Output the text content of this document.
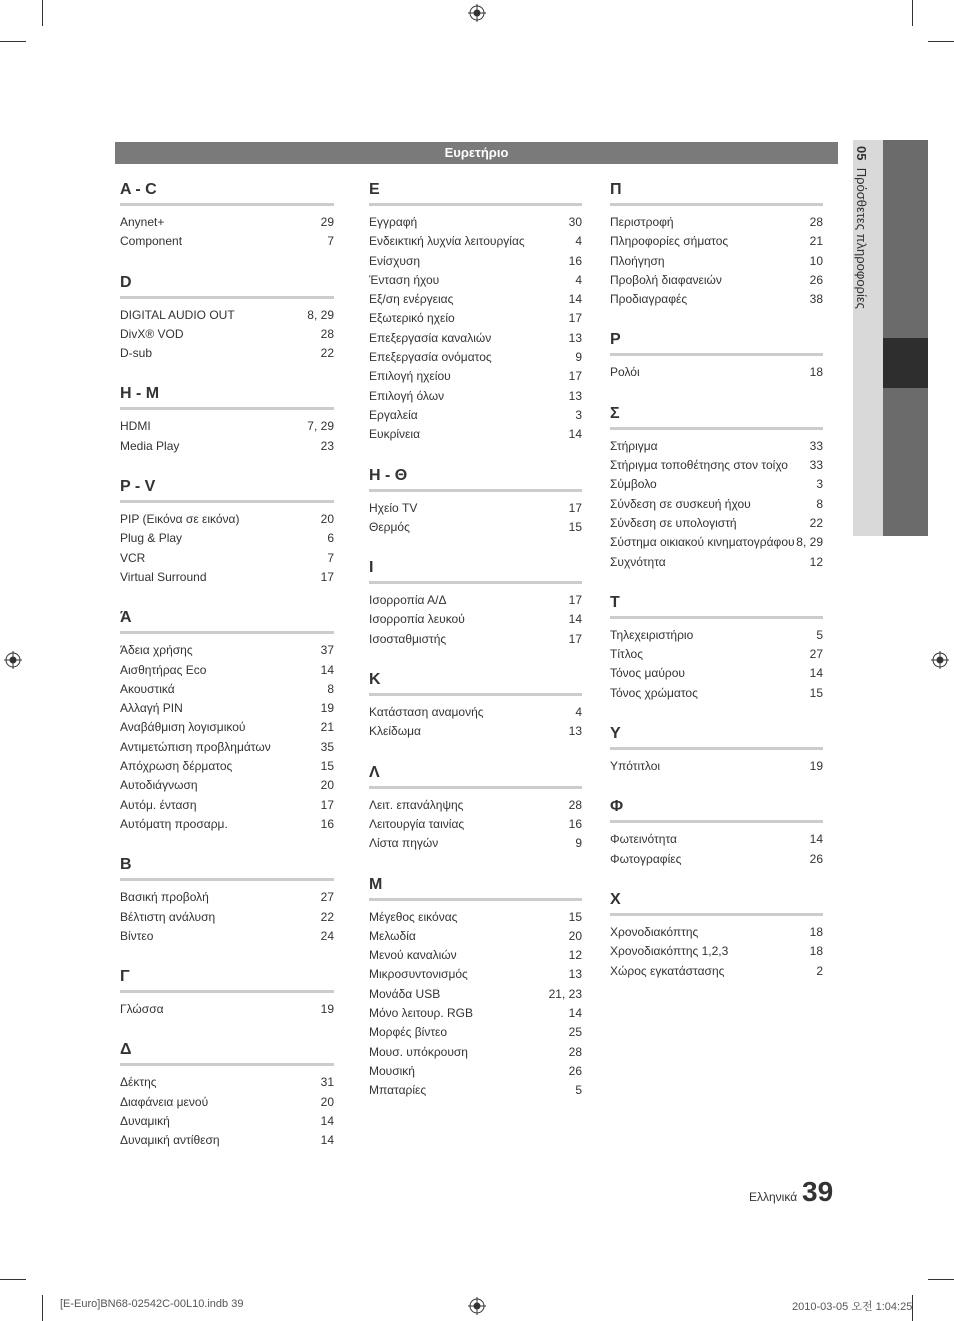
Ευρετήριο	05  Πρόσθετες πληροφορίες
A - C
Anynet+	29
Component	7
D
DIGITAL AUDIO OUT	8, 29
DivX® VOD	28
D-sub	22
H - M
HDMI	7, 29
Media Play	23
P - V
PIP (Εικόνα σε εικόνα)	20
Plug & Play	6
VCR	7
Virtual Surround	17
Ά
Άδεια χρήσης	37
Αισθητήρας Eco	14
Ακουστικά	8
Αλλαγή PIN	19
Αναβάθμιση λογισμικού	21
Αντιμετώπιση προβλημάτων	35
Απόχρωση δέρματος	15
Αυτοδιάγνωση	20
Αυτόμ. ένταση	17
Αυτόματη προσαρμ.	16
Β
Βασική προβολή	27
Βέλτιστη ανάλυση	22
Βίντεο	24
Γ
Γλώσσα	19
Δ
Δέκτης	31
Διαφάνεια μενού	20
Δυναμική	14
Δυναμική αντίθεση	14
Ε
Εγγραφή	30
Ενδεικτική λυχνία λειτουργίας	4
Ενίσχυση	16
Ένταση ήχου	4
Εξ/ση ενέργειας	14
Εξωτερικό ηχείο	17
Επεξεργασία καναλιών	13
Επεξεργασία ονόματος	9
Επιλογή ηχείου	17
Επιλογή όλων	13
Εργαλεία	3
Ευκρίνεια	14
Η - Θ
Ηχείο TV	17
Θερμός	15
Ι
Ισορροπία Α/Δ	17
Ισορροπία λευκού	14
Ισοσταθμιστής	17
Κ
Κατάσταση αναμονής	4
Κλείδωμα	13
Λ
Λειτ. επανάληψης	28
Λειτουργία ταινίας	16
Λίστα πηγών	9
Μ
Μέγεθος εικόνας	15
Μελωδία	20
Μενού καναλιών	12
Μικροσυντονισμός	13
Μονάδα USB	21, 23
Μόνο λειτουρ. RGB	14
Μορφές βίντεο	25
Μουσ. υπόκρουση	28
Μουσική	26
Μπαταρίες	5
Π
Περιστροφή	28
Πληροφορίες σήματος	21
Πλοήγηση	10
Προβολή διαφανειών	26
Προδιαγραφές	38
Ρ
Ρολόι	18
Σ
Στήριγμα	33
Στήριγμα τοποθέτησης στον τοίχο 33
Σύμβολο	3
Σύνδεση σε συσκευή ήχου	8
Σύνδεση σε υπολογιστή	22
Σύστημα οικιακού κινηματογράφου 8, 29
Συχνότητα	12
Τ
Τηλεχειριστήριο	5
Τίτλος	27
Τόνος μαύρου	14
Τόνος χρώματος	15
Υ
Υπότιτλοι	19
Φ
Φωτεινότητα	14
Φωτογραφίες	26
Χ
Χρονοδιακόπτης	18
Χρονοδιακόπτης 1,2,3	18
Χώρος εγκατάστασης	2
Ελληνικά 39
[E-Euro]BN68-02542C-00L10.indb 39	2010-03-05 오전 1:04:25
